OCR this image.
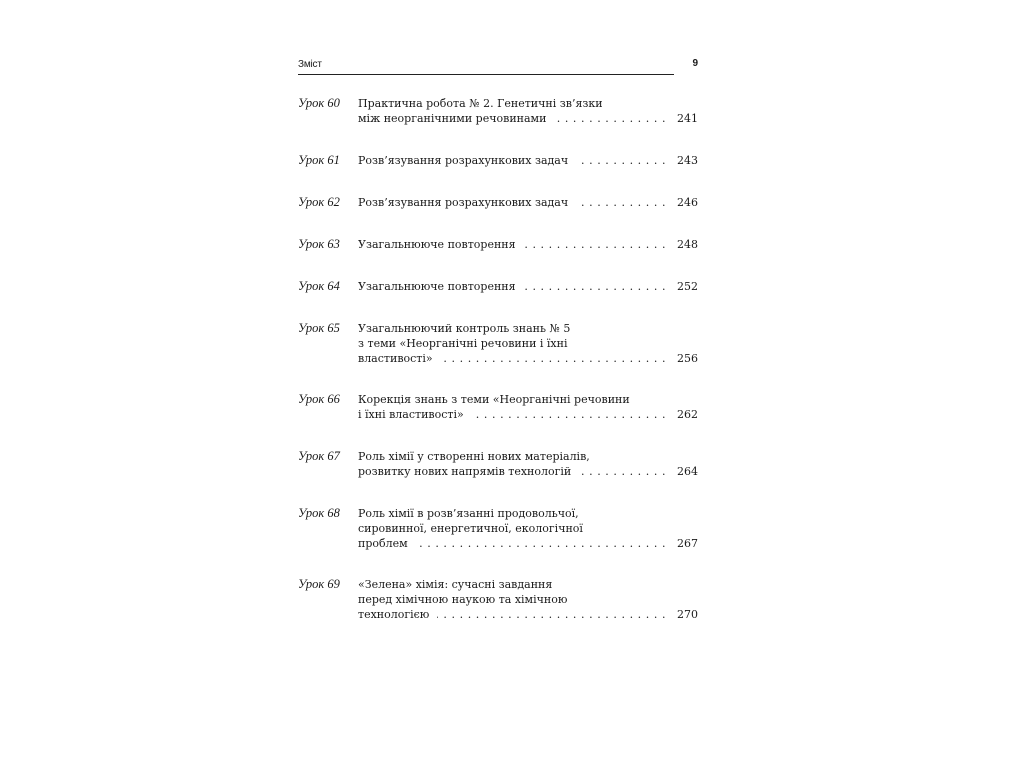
Зміст	9
Урок 60 Практична робота № 2. Генетичні зв’язки
між неорганічними речовинами . . .	241
Урок 61 Розв’язування розрахункових задач . . .	243
Урок 62 Розв’язування розрахункових задач . . .	246
Урок 63 Узагальнююче повторення . . .	248
Урок 64 Узагальнююче повторення . . .	252
Урок 65 Узагальнюючий контроль знань № 5
з теми «Неорганічні речовини і їхні
властивості» . . .	256
Урок 66 Корекція знань з теми «Неорганічні речовини
і їхні властивості» . . .	262
Урок 67 Роль хімії у створенні нових матеріалів,
розвитку нових напрямів технологій . . .	264
Урок 68 Роль хімії в розв’язанні продовольчої,
сировинної, енергетичної, екологічної
проблем . . .	267
Урок 69 «Зелена» хімія: сучасні завдання
перед хімічною наукою та хімічною
технологією . . .	270
